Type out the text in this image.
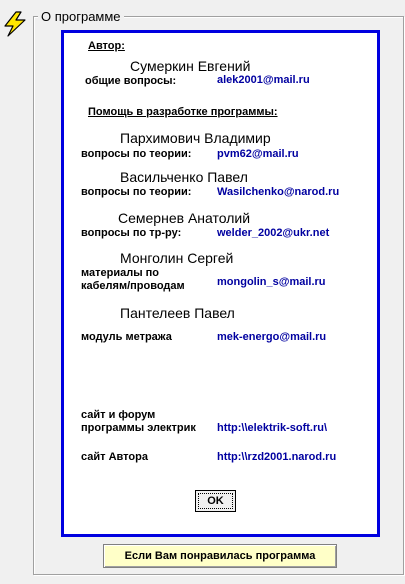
О программе
Автор:
Сумеркин Евгений
общие вопросы:	alek2001@mail.ru
Помощь в разработке программы:
Пархимович Владимир
вопросы по теории: pvm62@mail.ru
Васильченко Павел
вопросы по теории: Wasilchenko@narod.ru
Семернев Анатолий
вопросы по тр-ру:	welder_2002@ukr.net
Монголин Сергей
материалы по
кабелям/проводам	mongolin_s@mail.ru
Пантелеев Павел
модуль метража	mek-energo@mail.ru
сайт и форум
программы электрик http:\\elektrik-soft.ru\
сайт Автора	http:\\rzd2001.narod.ru
OK
Если Вам понравилась программа
